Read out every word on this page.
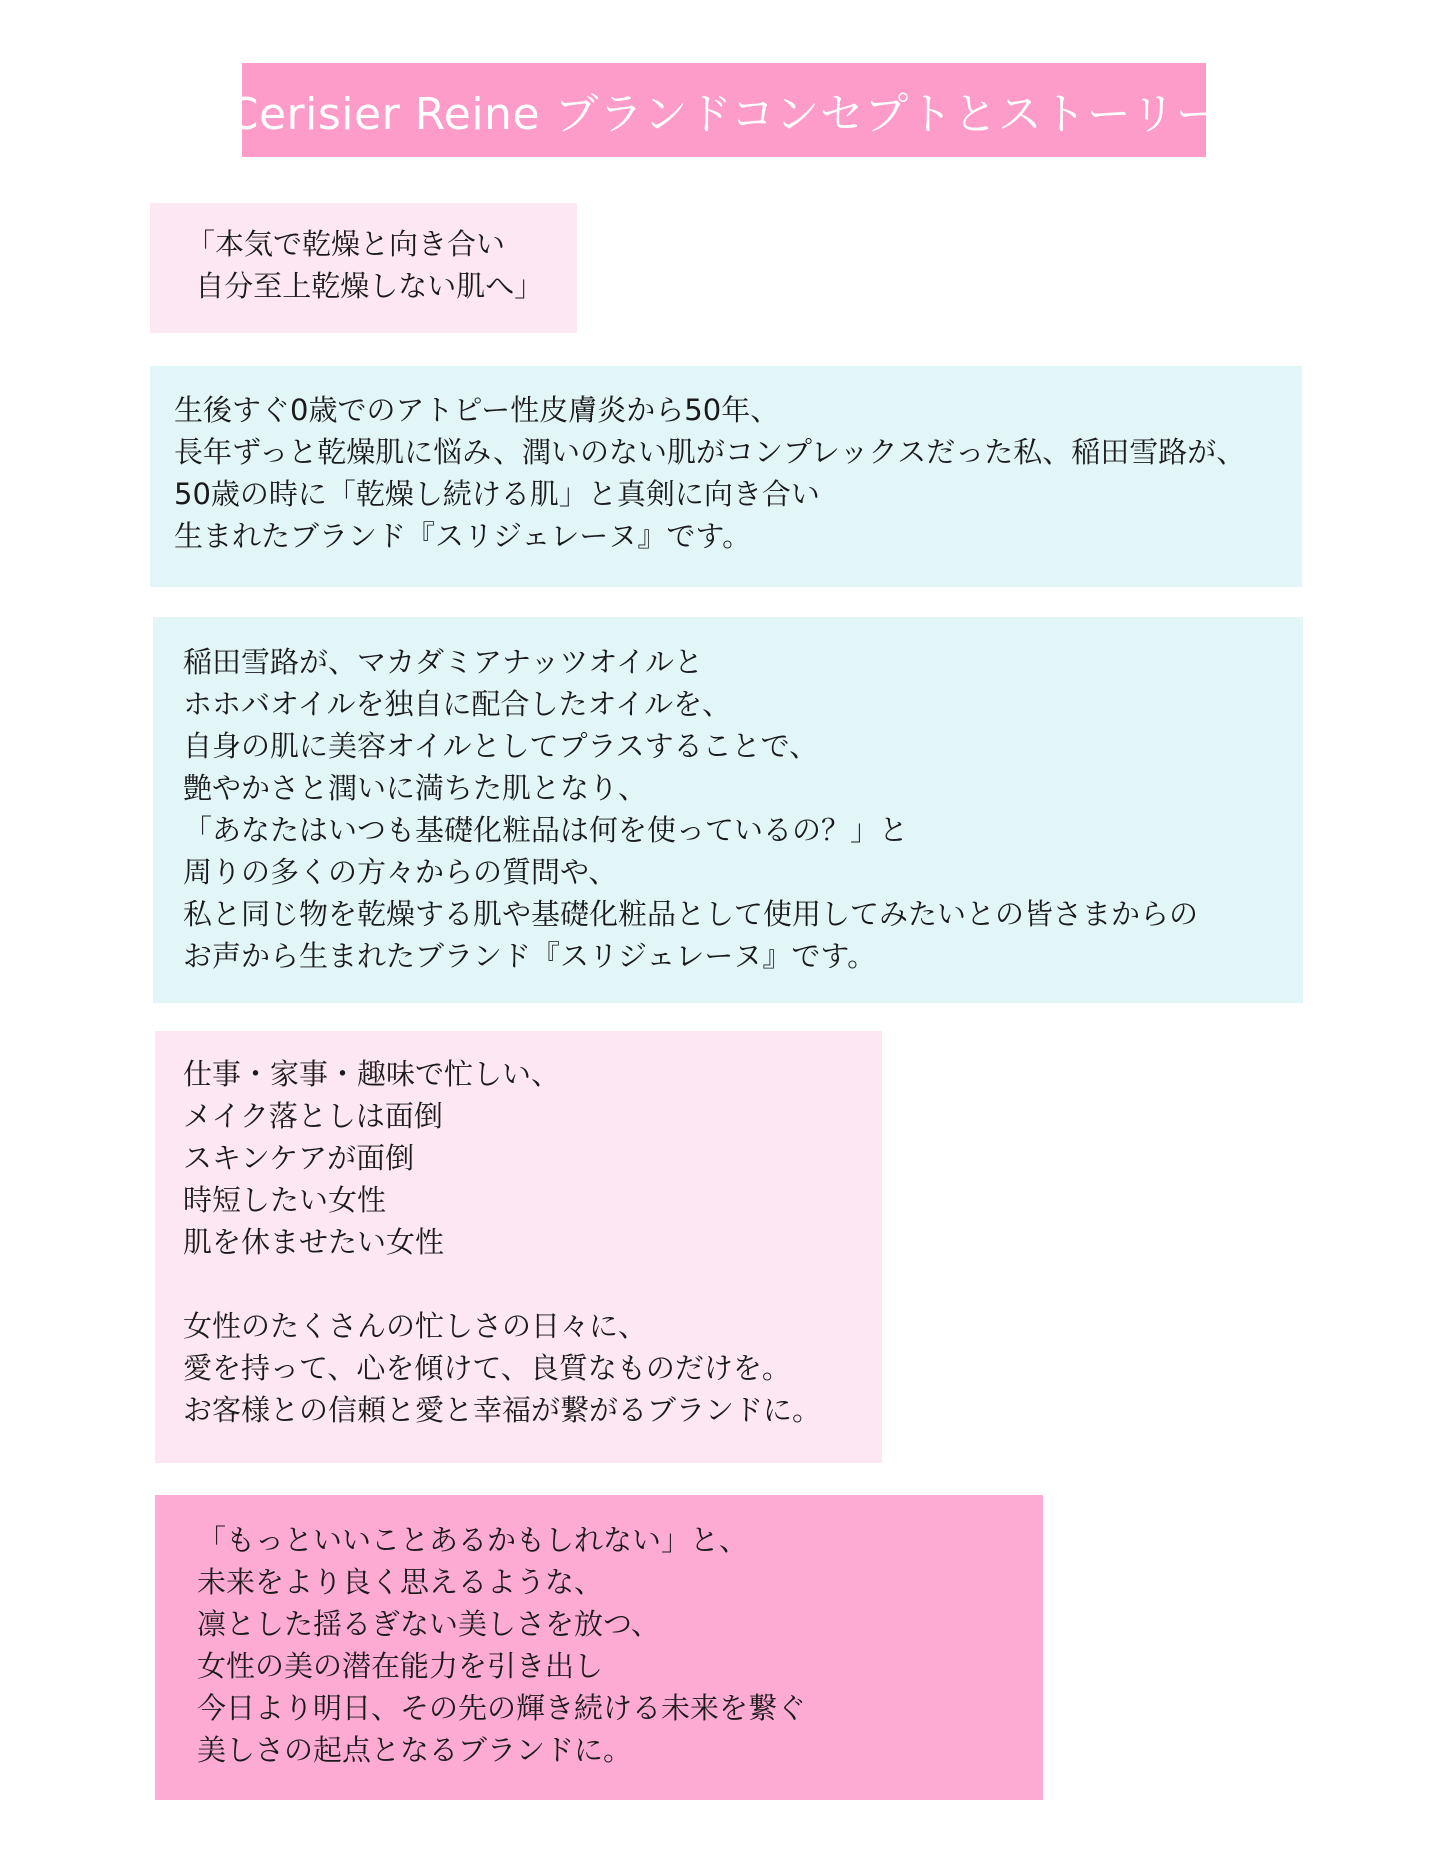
Cerisier Reine ブランドコンセプトとストーリー
「本気で乾燥と向き合い
自分至上乾燥しない肌へ」
生後すぐ0歳でのアトピー性皮膚炎から50年、
長年ずっと乾燥肌に悩み、潤いのない肌がコンプレックスだった私、稲田雪路が、
50歳の時に「乾燥し続ける肌」と真剣に向き合い
生まれたブランド『スリジェレーヌ』です。
稲田雪路が、マカダミアナッツオイルと
ホホバオイルを独自に配合したオイルを、
自身の肌に美容オイルとしてプラスすることで、
艶やかさと潤いに満ちた肌となり、
「あなたはいつも基礎化粧品は何を使っているの？」と
周りの多くの方々からの質問や、
私と同じ物を乾燥する肌や基礎化粧品として使用してみたいとの皆さまからの
お声から生まれたブランド『スリジェレーヌ』です。
仕事・家事・趣味で忙しい、
メイク落としは面倒
スキンケアが面倒
時短したい女性
肌を休ませたい女性
女性のたくさんの忙しさの日々に、
愛を持って、心を傾けて、良質なものだけを。
お客様との信頼と愛と幸福が繋がるブランドに。
「もっといいことあるかもしれない」と、
未来をより良く思えるような、
凛とした揺るぎない美しさを放つ、
女性の美の潜在能力を引き出し
今日より明日、その先の輝き続ける未来を繋ぐ
美しさの起点となるブランドに。
